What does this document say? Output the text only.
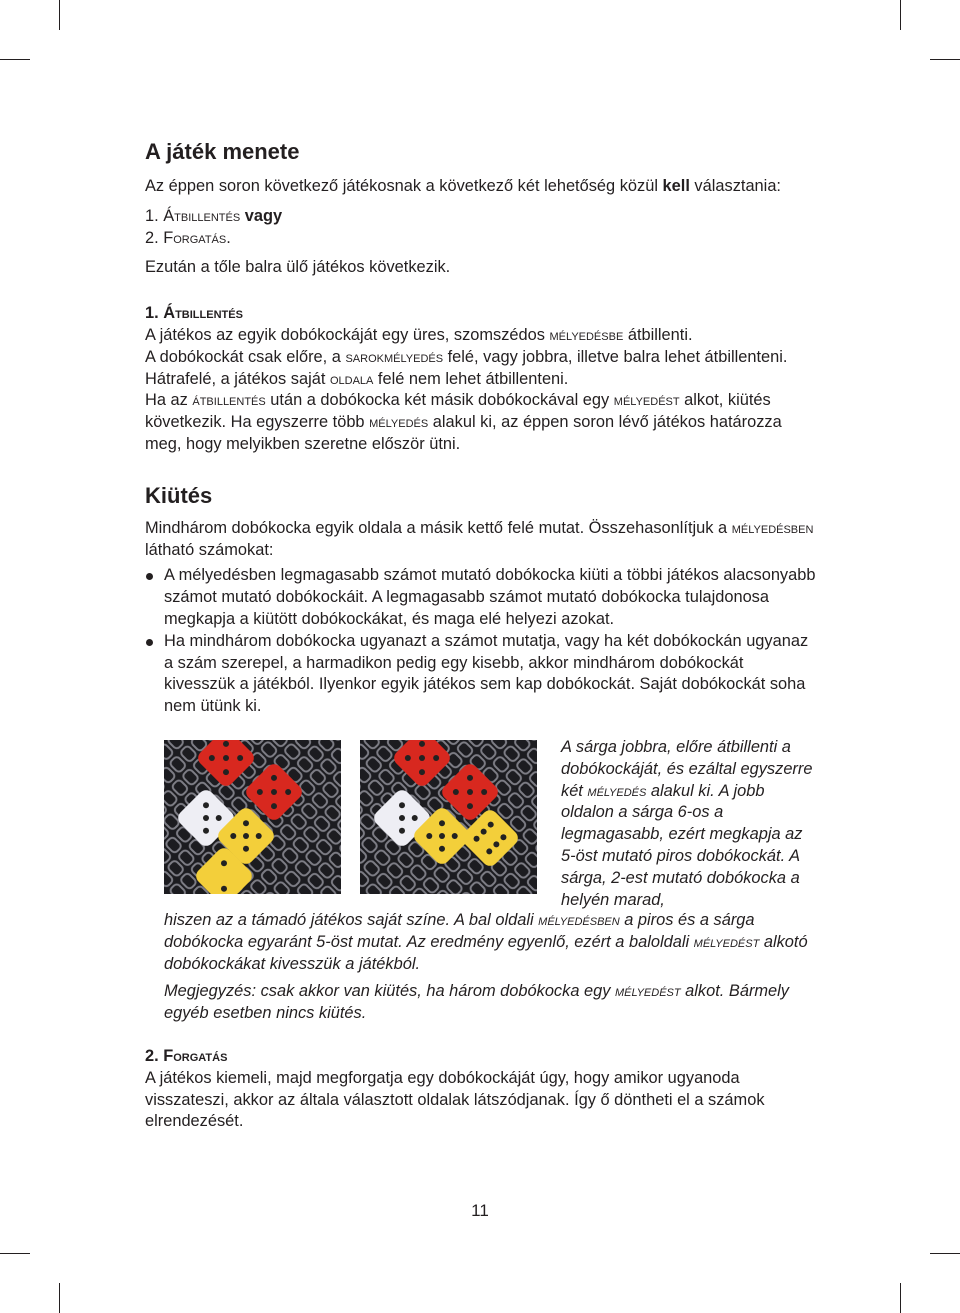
A játék menete

Az éppen soron következő játékosnak a következő két lehetőség közül kell választania:

1. Átbillentés vagy

2. Forgatás.

Ezután a tőle balra ülő játékos következik.

1. Átbillentés

A játékos az egyik dobókockáját egy üres, szomszédos mélyedésbe átbillenti.

A dobókockát csak előre, a sarokmélyedés felé, vagy jobbra, illetve balra lehet átbillenteni. Hátrafelé, a játékos saját oldala felé nem lehet átbillenteni.

Ha az átbillentés után a dobókocka két másik dobókockával egy mélyedést alkot, kiütés következik. Ha egyszerre több mélyedés alakul ki, az éppen soron lévő játékos határozza meg, hogy melyikben szeretne először ütni.

Kiütés

Mindhárom dobókocka egyik oldala a másik kettő felé mutat. Összehasonlítjuk a mélyedésben látható számokat:

A mélyedésben legmagasabb számot mutató dobókocka kiüti a többi játékos alacsonyabb számot mutató dobókockáit. A legmagasabb számot mutató dobókocka tulajdonosa megkapja a kiütött dobókockákat, és maga elé helyezi azokat.
Ha mindhárom dobókocka ugyanazt a számot mutatja, vagy ha két dobókockán ugyanaz a szám szerepel, a harmadikon pedig egy kisebb, akkor mindhárom dobókockát kivesszük a játékból. Ilyenkor egyik játékos sem kap dobókockát. Saját dobókockát soha nem ütünk ki.
A sárga jobbra, előre átbillenti a dobókockáját, és ezáltal egyszerre két mélyedés alakul ki. A jobb oldalon a sárga 6-os a legmagasabb, ezért megkapja az 5-öst mutató piros dobókockát. A sárga, 2-est mutató dobókocka a helyén marad,
hiszen az a támadó játékos saját színe. A bal oldali mélyedésben a piros és a sárga dobókocka egyaránt 5-öst mutat. Az eredmény egyenlő, ezért a baloldali mélyedést alkotó dobókockákat kivesszük a játékból.
Megjegyzés: csak akkor van kiütés, ha három dobókocka egy mélyedést alkot. Bármely egyéb esetben nincs kiütés.

2. Forgatás

A játékos kiemeli, majd megforgatja egy dobókockáját úgy, hogy amikor ugyanoda visszateszi, akkor az általa választott oldalak látszódjanak. Így ő döntheti el a számok elrendezését.

11
